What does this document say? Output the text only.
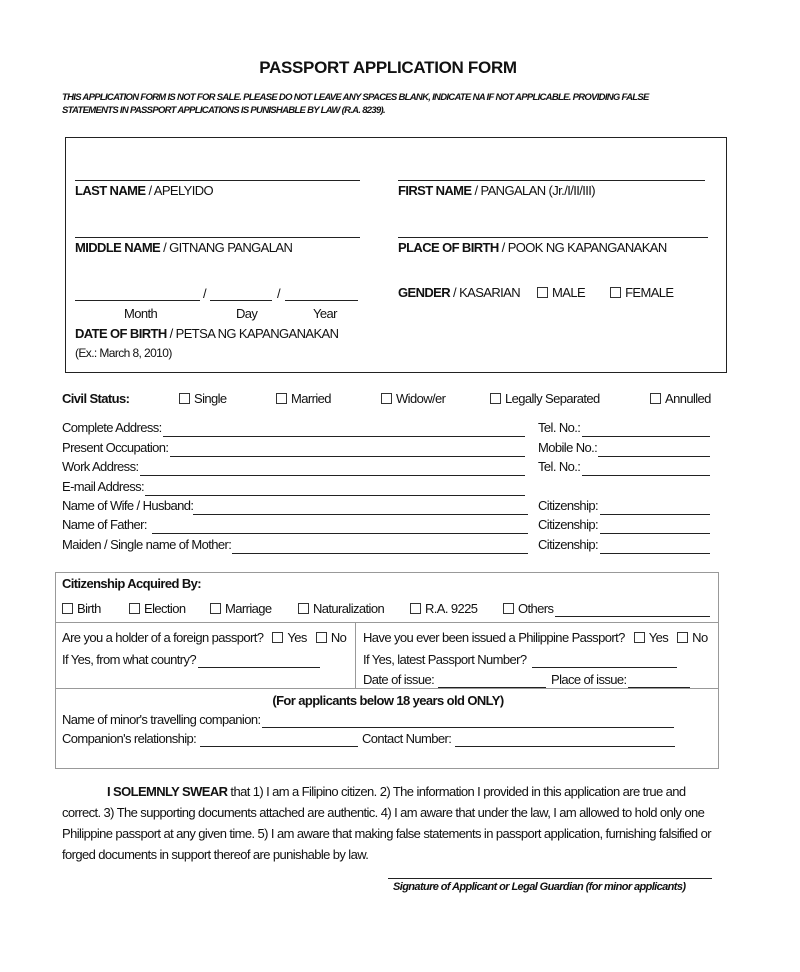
PASSPORT APPLICATION FORM
THIS APPLICATION FORM IS NOT FOR SALE. PLEASE DO NOT LEAVE ANY SPACES BLANK, INDICATE NA IF NOT APPLICABLE. PROVIDING FALSE
STATEMENTS IN PASSPORT APPLICATIONS IS PUNISHABLE BY LAW (R.A. 8239).
LAST NAME / APELYIDO	FIRST NAME / PANGALAN (Jr./I/II/III)
MIDDLE NAME / GITNANG PANGALAN	PLACE OF BIRTH / POOK NG KAPANGANAKAN
GENDER / KASARIAN MALE	FEMALE
/	/
Month	Day	Year
DATE OF BIRTH / PETSA NG KAPANGANAKAN
(Ex.: March 8, 2010)
Civil Status:	Single	Married	Widow/er	Legally Separated	Annulled
Complete Address:	Tel. No.:
Present Occupation:	Mobile No.:
Work Address:	Tel. No.:
E-mail Address:
Name of Wife / Husband:	Citizenship:
Name of Father:	Citizenship:
Maiden / Single name of Mother:	Citizenship:
Citizenship Acquired By:
Birth	Election	Marriage	Naturalization	R.A. 9225	Others
Are you a holder of a foreign passport? Yes No
If Yes, from what country?
Have you ever been issued a Philippine Passport? Yes No
If Yes, latest Passport Number?
Date of issue:	Place of issue:
(For applicants below 18 years old ONLY)
Name of minor's travelling companion:
Companion's relationship:	Contact Number:
I SOLEMNLY SWEAR that 1) I am a Filipino citizen. 2) The information I provided in this application are true and correct. 3) The supporting documents attached are authentic. 4) I am aware that under the law, I am allowed to hold only one Philippine passport at any given time. 5) I am aware that making false statements in passport application, furnishing falsified or forged documents in support thereof are punishable by law.
Signature of Applicant or Legal Guardian (for minor applicants)
